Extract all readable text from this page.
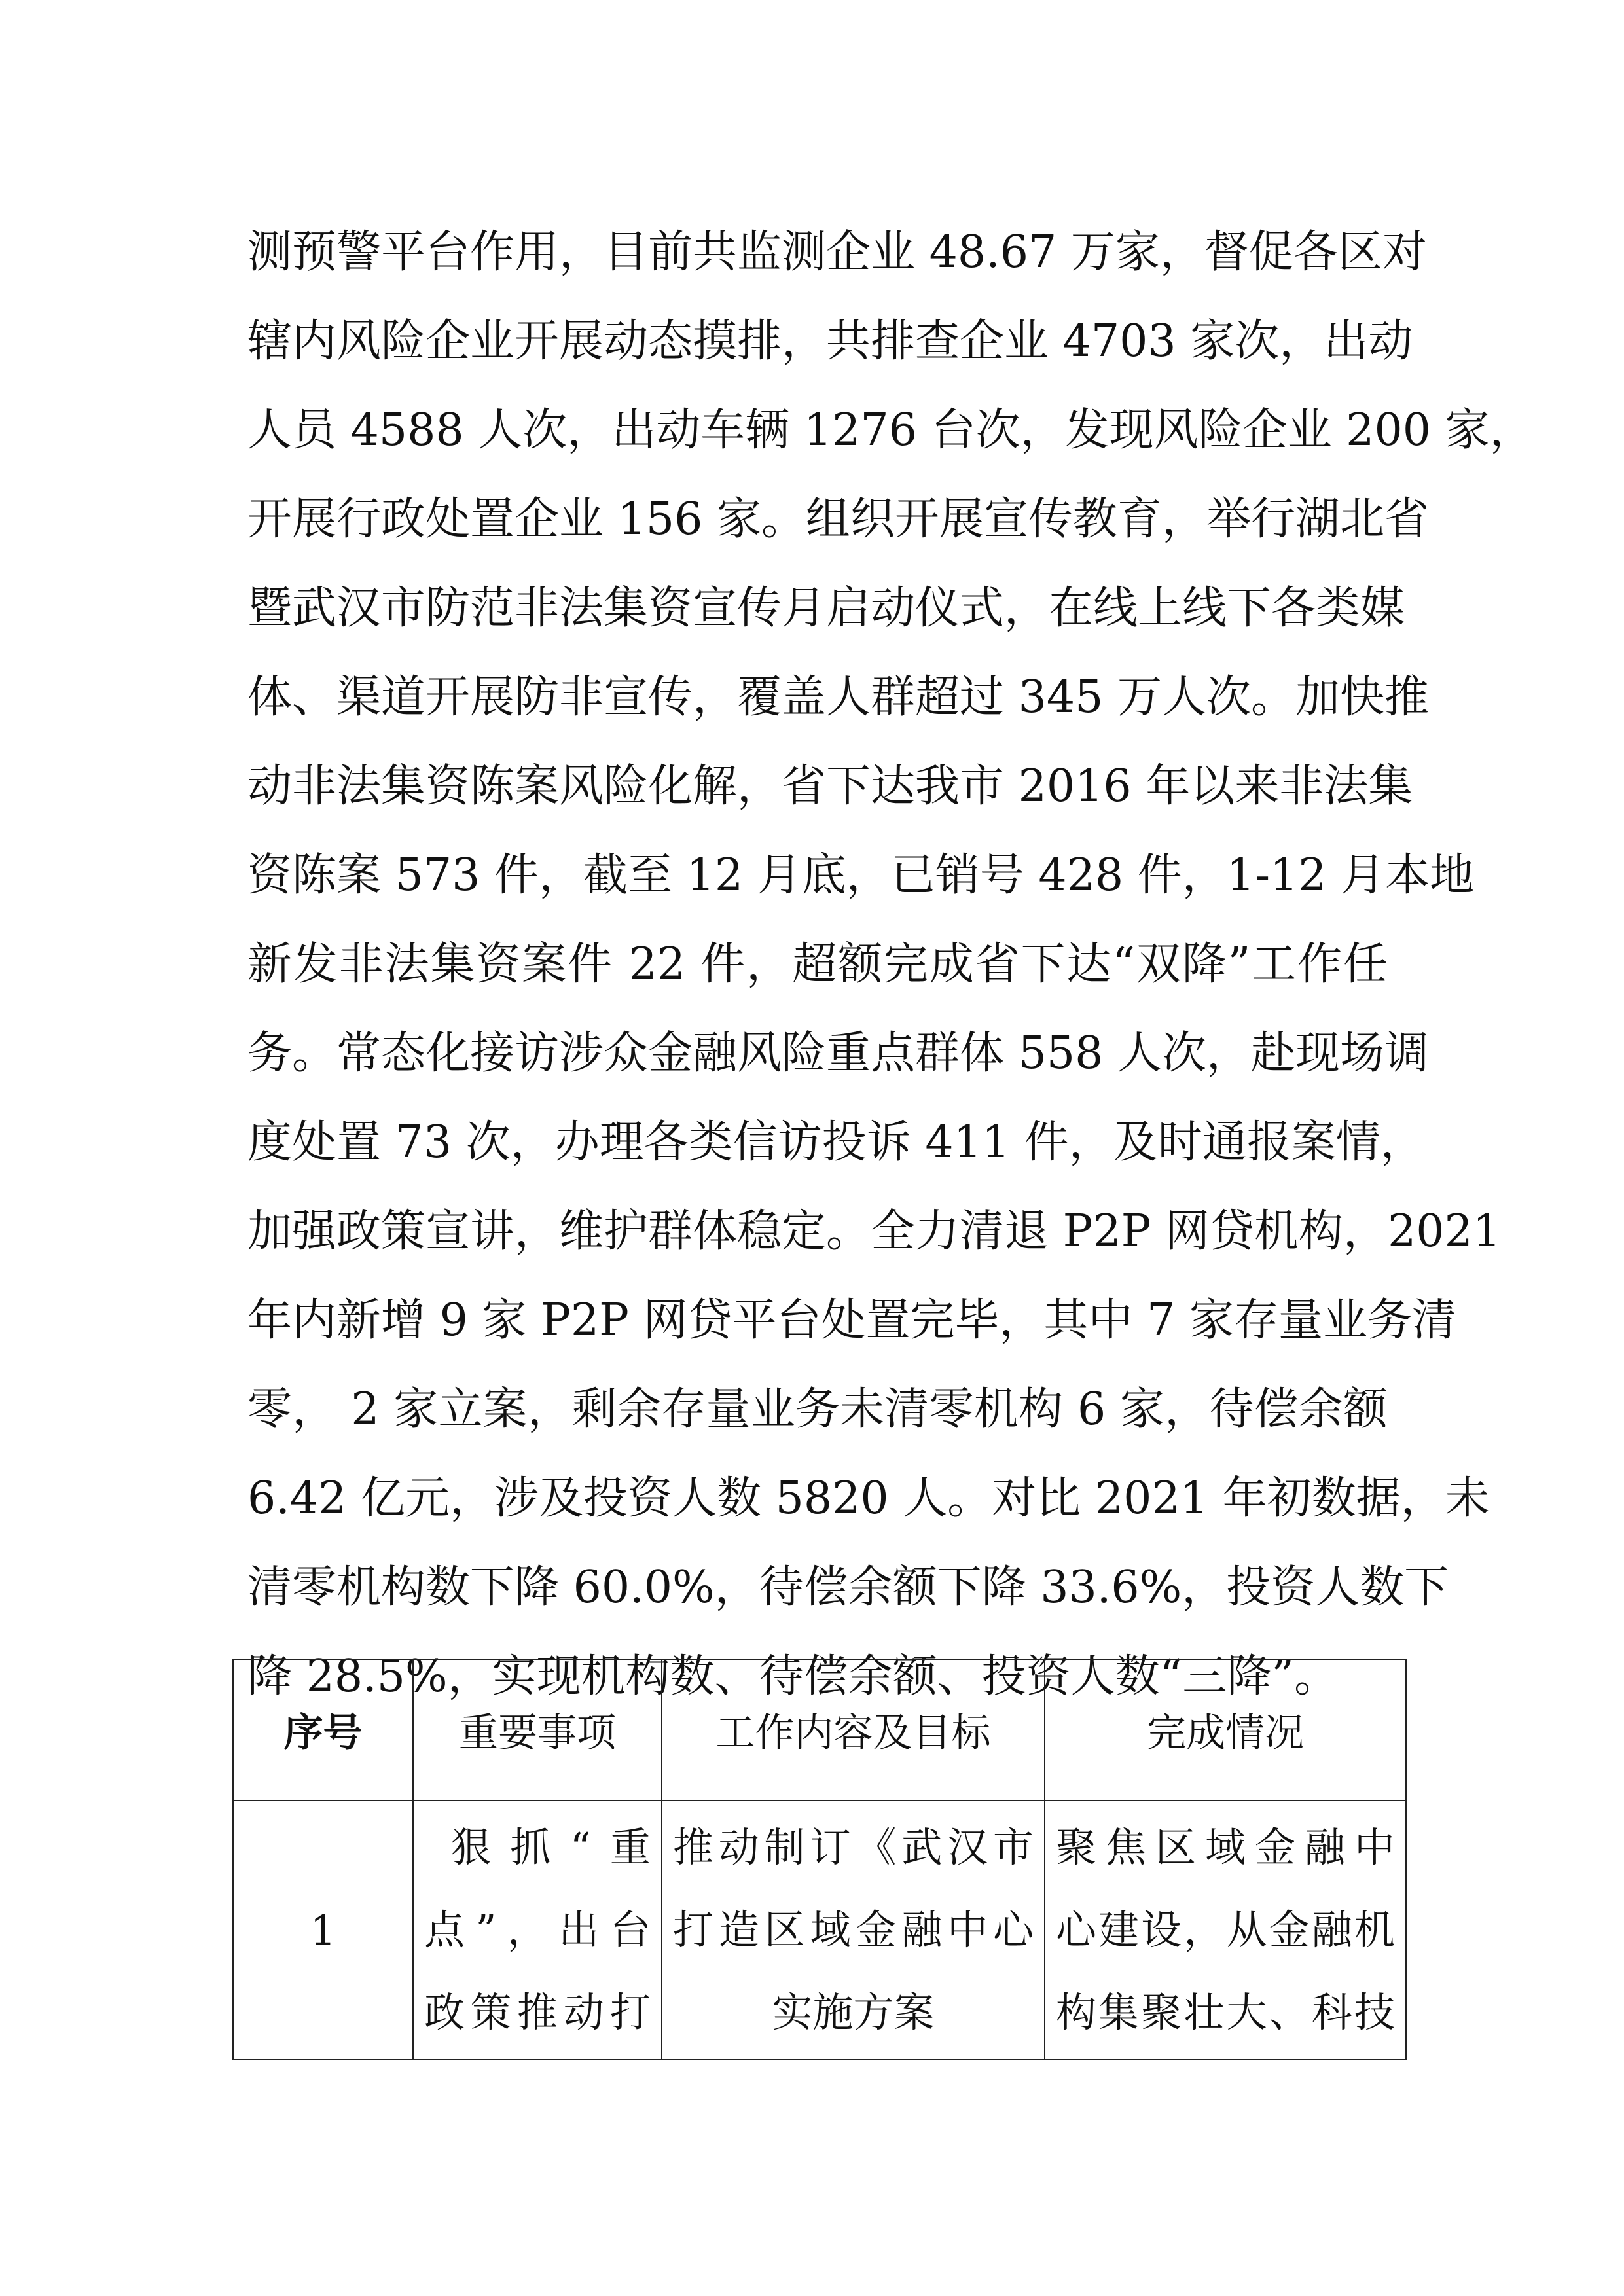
测预警平台作用，目前共监测企业 48.67 万家，督促各区对
辖内风险企业开展动态摸排，共排查企业 4703 家次，出动
人员 4588 人次，出动车辆 1276 台次，发现风险企业 200 家，
开展行政处置企业 156 家。组织开展宣传教育，举行湖北省
暨武汉市防范非法集资宣传月启动仪式，在线上线下各类媒
体、渠道开展防非宣传，覆盖人群超过 345 万人次。加快推
动非法集资陈案风险化解，省下达我市 2016 年以来非法集
资陈案 573 件，截至 12 月底，已销号 428 件，1-12 月本地
新发非法集资案件 22 件，超额完成省下达“双降”工作任
务。常态化接访涉众金融风险重点群体 558 人次，赴现场调
度处置 73 次，办理各类信访投诉 411 件，及时通报案情，
加强政策宣讲，维护群体稳定。全力清退 P2P 网贷机构，2021
年内新增 9 家 P2P 网贷平台处置完毕，其中 7 家存量业务清
零， 2 家立案，剩余存量业务未清零机构 6 家，待偿余额
6.42 亿元，涉及投资人数 5820 人。对比 2021 年初数据，未
清零机构数下降 60.0%，待偿余额下降 33.6%，投资人数下
降 28.5%，实现机构数、待偿余额、投资人数“三降”。
序号	重要事项	工作内容及目标	完成情况
1	狠抓“重
点”，出台
政策推动打	推动制订《武汉市
打造区域金融中心
实施方案	聚焦区域金融中
心建设，从金融机
构集聚壮大、科技
